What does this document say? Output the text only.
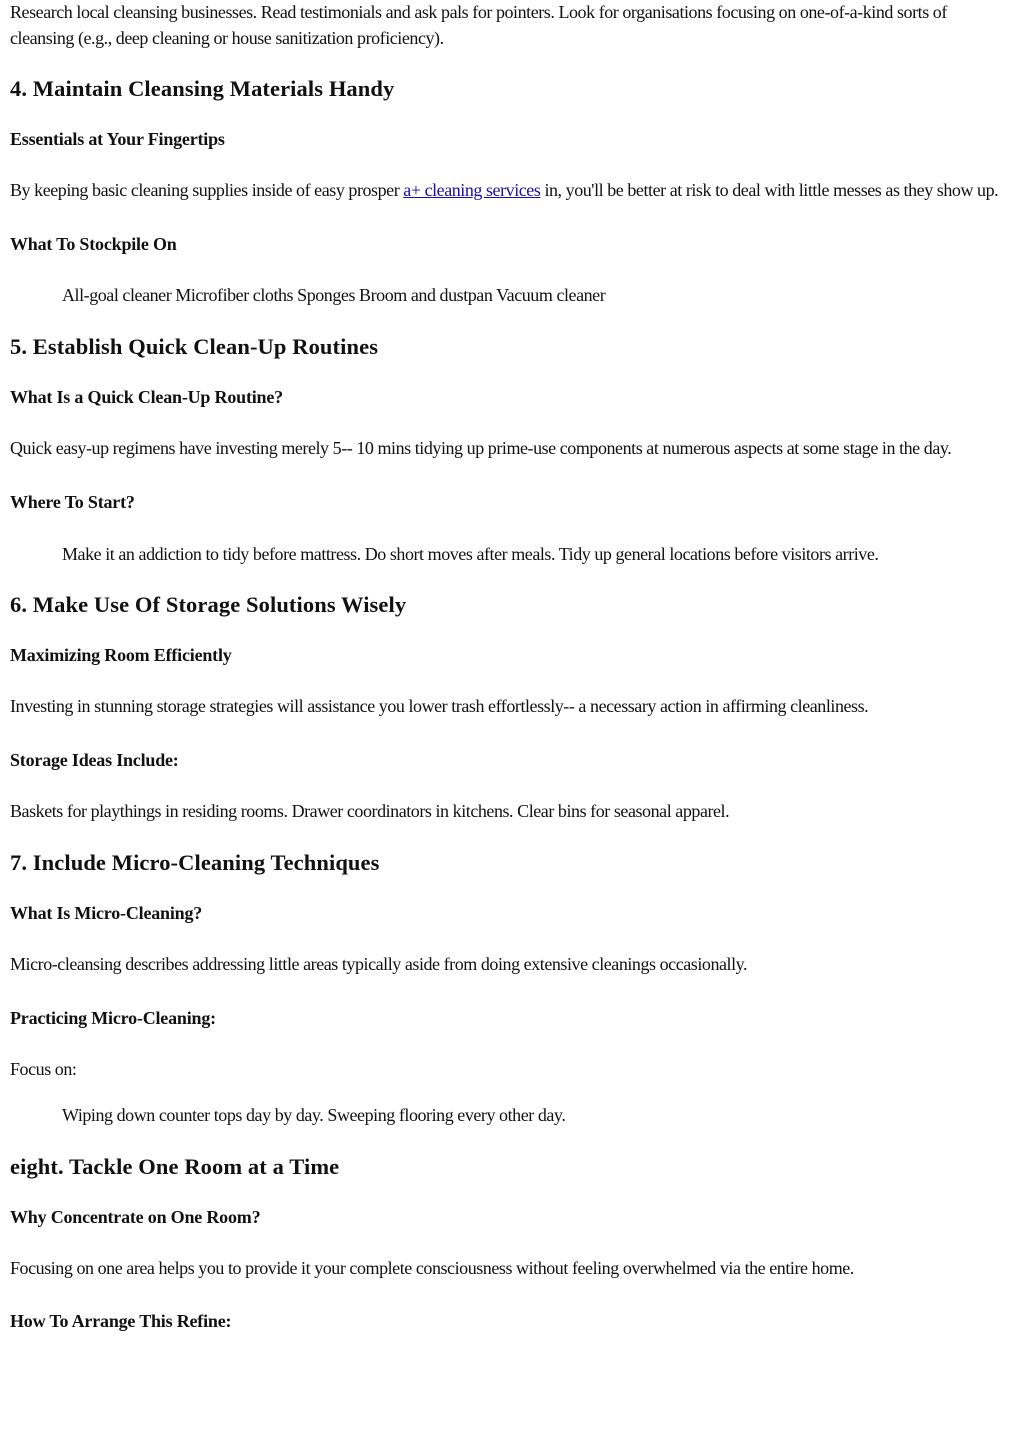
Research local cleansing businesses. Read testimonials and ask pals for pointers. Look for organisations focusing on one-of-a-kind sorts of cleansing (e.g., deep cleaning or house sanitization proficiency).

4. Maintain Cleansing Materials Handy
Essentials at Your Fingertips

By keeping basic cleaning supplies inside of easy prosper a+ cleaning services in, you'll be better at risk to deal with little messes as they show up.

What To Stockpile On

All-goal cleaner Microfiber cloths Sponges Broom and dustpan Vacuum cleaner

5. Establish Quick Clean-Up Routines
What Is a Quick Clean-Up Routine?

Quick easy-up regimens have investing merely 5-- 10 mins tidying up prime-use components at numerous aspects at some stage in the day.

Where To Start?

Make it an addiction to tidy before mattress. Do short moves after meals. Tidy up general locations before visitors arrive.

6. Make Use Of Storage Solutions Wisely
Maximizing Room Efficiently

Investing in stunning storage strategies will assistance you lower trash effortlessly-- a necessary action in affirming cleanliness.

Storage Ideas Include:

Baskets for playthings in residing rooms. Drawer coordinators in kitchens. Clear bins for seasonal apparel.

7. Include Micro-Cleaning Techniques
What Is Micro-Cleaning?

Micro-cleansing describes addressing little areas typically aside from doing extensive cleanings occasionally.

Practicing Micro-Cleaning:

Focus on:

Wiping down counter tops day by day. Sweeping flooring every other day.

eight. Tackle One Room at a Time
Why Concentrate on One Room?

Focusing on one area helps you to provide it your complete consciousness without feeling overwhelmed via the entire home.

How To Arrange This Refine:
